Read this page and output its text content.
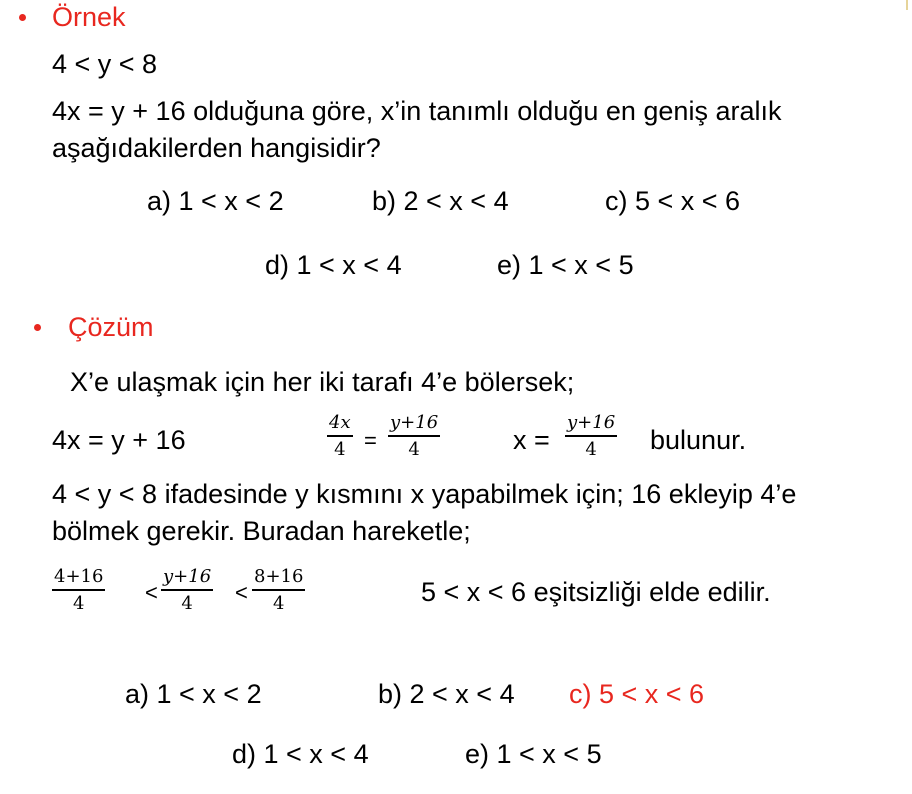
Örnek
4 < y < 8
4x = y + 16 olduğuna göre, x’in tanımlı olduğu en geniş aralık
aşağıdakilerden hangisidir?
a) 1 < x < 2	b) 2 < x < 4	c) 5 < x < 6
d) 1 < x < 4	e) 1 < x < 5
Çözüm
X’e ulaşmak için her iki tarafı 4’e bölersek;
4x = y + 16
4x
4 =
y+16
4	x =
y+16
4 bulunur.
4 < y < 8 ifadesinde y kısmını x yapabilmek için; 16 ekleyip 4’e
bölmek gerekir. Buradan hareketle;
4+16
4	<
y+16
4 <
8+16
4	5 < x < 6 eşitsizliği elde edilir.
a) 1 < x < 2	b) 2 < x < 4 c) 5 < x < 6
d) 1 < x < 4	e) 1 < x < 5
